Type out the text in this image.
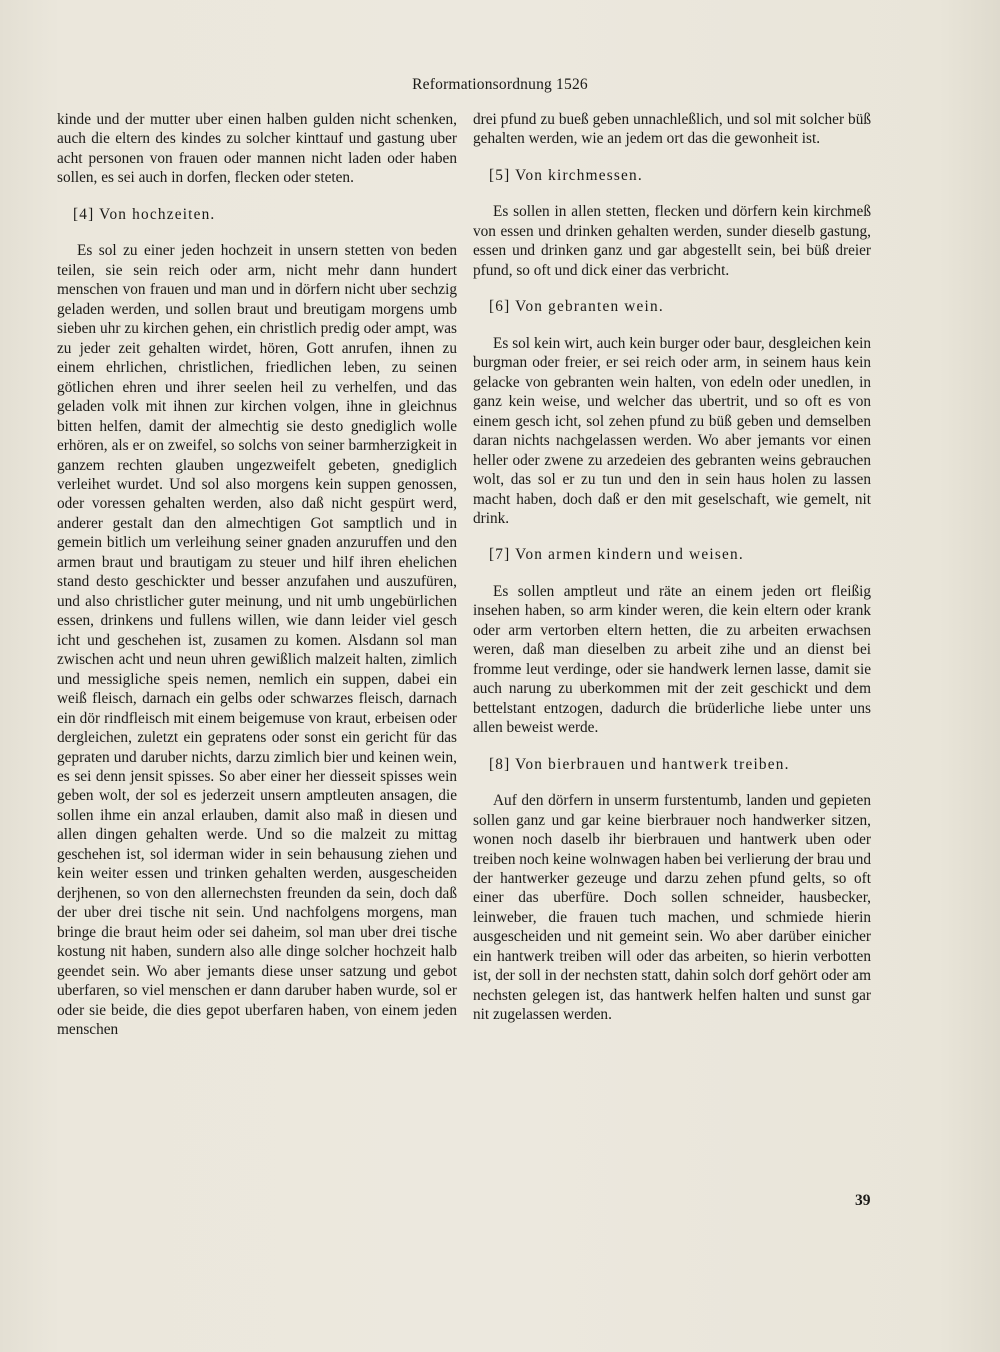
Reformationsordnung 1526

kinde und der mutter uber einen halben gulden nicht schenken, auch die eltern des kindes zu solcher kinttauf und gastung uber acht personen von frauen oder mannen nicht laden oder haben sollen, es sei auch in dorfen, flecken oder steten.

[4] Von hochzeiten.

Es sol zu einer jeden hochzeit in unsern stetten von beden teilen, sie sein reich oder arm, nicht mehr dann hundert menschen von frauen und man und in dörfern nicht uber sechzig geladen werden, und sollen braut und breutigam morgens umb sieben uhr zu kirchen gehen, ein christlich predig oder ampt, was zu jeder zeit gehalten wirdet, hören, Gott anrufen, ihnen zu einem ehrlichen, christlichen, friedlichen leben, zu seinen götlichen ehren und ihrer seelen heil zu verhelfen, und das geladen volk mit ihnen zur kirchen volgen, ihne in gleichnus bitten helfen, damit der almechtig sie desto gnediglich wolle erhören, als er on zweifel, so solchs von seiner barmherzigkeit in ganzem rechten glauben ungezweifelt gebeten, gnediglich verleihet wurdet. Und sol also morgens kein suppen genossen, oder voressen gehalten werden, also daß nicht gespürt werd, anderer gestalt dan den almechtigen Got samptlich und in gemein bitlich um verleihung seiner gnaden anzuruffen und den armen braut und brautigam zu steuer und hilf ihren ehelichen stand desto geschickter und besser anzufahen und auszufüren, und also christlicher guter meinung, und nit umb ungebürlichen essen, drinkens und fullens willen, wie dann leider viel gesch icht und geschehen ist, zusamen zu komen. Alsdann sol man zwischen acht und neun uhren gewißlich malzeit halten, zimlich und messigliche speis nemen, nemlich ein suppen, dabei ein weiß fleisch, darnach ein gelbs oder schwarzes fleisch, darnach ein dör rindfleisch mit einem beigemuse von kraut, erbeisen oder dergleichen, zuletzt ein gepratens oder sonst ein gericht für das gepraten und daruber nichts, darzu zimlich bier und keinen wein, es sei denn jensit spisses. So aber einer her diesseit spisses wein geben wolt, der sol es jederzeit unsern amptleuten ansagen, die sollen ihme ein anzal erlauben, damit also maß in diesen und allen dingen gehalten werde. Und so die malzeit zu mittag geschehen ist, sol iderman wider in sein behausung ziehen und kein weiter essen und trinken gehalten werden, ausgescheiden derjhenen, so von den allernechsten freunden da sein, doch daß der uber drei tische nit sein. Und nachfolgens morgens, man bringe die braut heim oder sei daheim, sol man uber drei tische kostung nit haben, sundern also alle dinge solcher hochzeit halb geendet sein. Wo aber jemants diese unser satzung und gebot uberfaren, so viel menschen er dann daruber haben wurde, sol er oder sie beide, die dies gepot uberfaren haben, von einem jeden menschen

drei pfund zu bueß geben unnachleßlich, und sol mit solcher büß gehalten werden, wie an jedem ort das die gewonheit ist.

[5] Von kirchmessen.

Es sollen in allen stetten, flecken und dörfern kein kirchmeß von essen und drinken gehalten werden, sunder dieselb gastung, essen und drinken ganz und gar abgestellt sein, bei büß dreier pfund, so oft und dick einer das verbricht.

[6] Von gebranten wein.

Es sol kein wirt, auch kein burger oder baur, desgleichen kein burgman oder freier, er sei reich oder arm, in seinem haus kein gelacke von gebranten wein halten, von edeln oder unedlen, in ganz kein weise, und welcher das ubertrit, und so oft es von einem gesch icht, sol zehen pfund zu büß geben und demselben daran nichts nachgelassen werden. Wo aber jemants vor einen heller oder zwene zu arzedeien des gebranten weins gebrauchen wolt, das sol er zu tun und den in sein haus holen zu lassen macht haben, doch daß er den mit geselschaft, wie gemelt, nit drink.

[7] Von armen kindern und weisen.

Es sollen amptleut und räte an einem jeden ort fleißig insehen haben, so arm kinder weren, die kein eltern oder krank oder arm vertorben eltern hetten, die zu arbeiten erwachsen weren, daß man dieselben zu arbeit zihe und an dienst bei fromme leut verdinge, oder sie handwerk lernen lasse, damit sie auch narung zu uberkommen mit der zeit geschickt und dem bettelstant entzogen, dadurch die brüderliche liebe unter uns allen beweist werde.

[8] Von bierbrauen und hantwerk treiben.

Auf den dörfern in unserm furstentumb, landen und gepieten sollen ganz und gar keine bierbrauer noch handwerker sitzen, wonen noch daselb ihr bierbrauen und hantwerk uben oder treiben noch keine wolnwagen haben bei verlierung der brau und der hantwerker gezeuge und darzu zehen pfund gelts, so oft einer das uberfüre. Doch sollen schneider, hausbecker, leinweber, die frauen tuch machen, und schmiede hierin ausgescheiden und nit gemeint sein. Wo aber darüber einicher ein hantwerk treiben will oder das arbeiten, so hierin verbotten ist, der soll in der nechsten statt, dahin solch dorf gehört oder am nechsten gelegen ist, das hantwerk helfen halten und sunst gar nit zugelassen werden.

39
